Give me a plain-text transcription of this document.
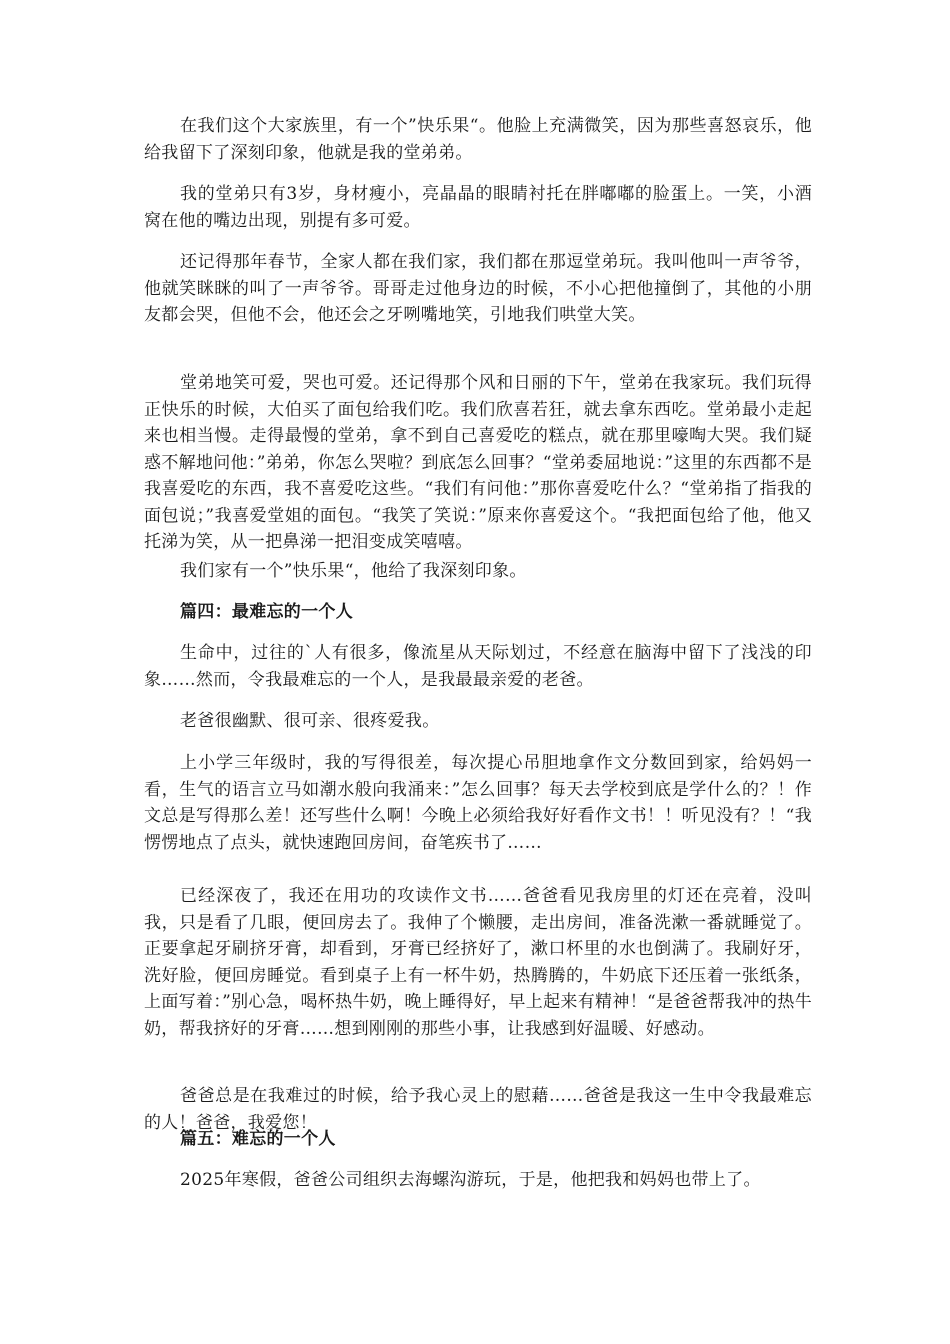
在我们这个大家族里，有一个”快乐果“。他脸上充满微笑，因为那些喜怒哀乐，他给我留下了深刻印象，他就是我的堂弟弟。

我的堂弟只有3岁，身材瘦小，亮晶晶的眼睛衬托在胖嘟嘟的脸蛋上。一笑，小酒窝在他的嘴边出现，别提有多可爱。

还记得那年春节，全家人都在我们家，我们都在那逗堂弟玩。我叫他叫一声爷爷，他就笑眯眯的叫了一声爷爷。哥哥走过他身边的时候，不小心把他撞倒了，其他的小朋友都会哭，但他不会，他还会之牙咧嘴地笑，引地我们哄堂大笑。

堂弟地笑可爱，哭也可爱。还记得那个风和日丽的下午，堂弟在我家玩。我们玩得正快乐的时候，大伯买了面包给我们吃。我们欣喜若狂，就去拿东西吃。堂弟最小走起来也相当慢。走得最慢的堂弟，拿不到自己喜爱吃的糕点，就在那里嚎啕大哭。我们疑惑不解地问他：”弟弟，你怎么哭啦？到底怎么回事？“堂弟委屈地说：”这里的东西都不是我喜爱吃的东西，我不喜爱吃这些。“我们有问他：”那你喜爱吃什么？“堂弟指了指我的面包说；”我喜爱堂姐的面包。“我笑了笑说：”原来你喜爱这个。“我把面包给了他，他又托涕为笑，从一把鼻涕一把泪变成笑嘻嘻。

我们家有一个”快乐果“，他给了我深刻印象。

篇四：最难忘的一个人

生命中，过往的`人有很多，像流星从天际划过，不经意在脑海中留下了浅浅的印象……然而，令我最难忘的一个人，是我最最亲爱的老爸。

老爸很幽默、很可亲、很疼爱我。

上小学三年级时，我的写得很差，每次提心吊胆地拿作文分数回到家，给妈妈一看，生气的语言立马如潮水般向我涌来：”怎么回事？每天去学校到底是学什么的？！作文总是写得那么差！还写些什么啊！今晚上必须给我好好看作文书！！听见没有？！“我愣愣地点了点头，就快速跑回房间，奋笔疾书了……

已经深夜了，我还在用功的攻读作文书……爸爸看见我房里的灯还在亮着，没叫我，只是看了几眼，便回房去了。我伸了个懒腰，走出房间，准备洗漱一番就睡觉了。正要拿起牙刷挤牙膏，却看到，牙膏已经挤好了，漱口杯里的水也倒满了。我刷好牙，洗好脸，便回房睡觉。看到桌子上有一杯牛奶，热腾腾的，牛奶底下还压着一张纸条，上面写着：”别心急，喝杯热牛奶，晚上睡得好，早上起来有精神！“是爸爸帮我冲的热牛奶，帮我挤好的牙膏……想到刚刚的那些小事，让我感到好温暖、好感动。

爸爸总是在我难过的时候，给予我心灵上的慰藉……爸爸是我这一生中令我最难忘的人！爸爸，我爱您！

篇五：难忘的一个人

2025年寒假，爸爸公司组织去海螺沟游玩，于是，他把我和妈妈也带上了。
